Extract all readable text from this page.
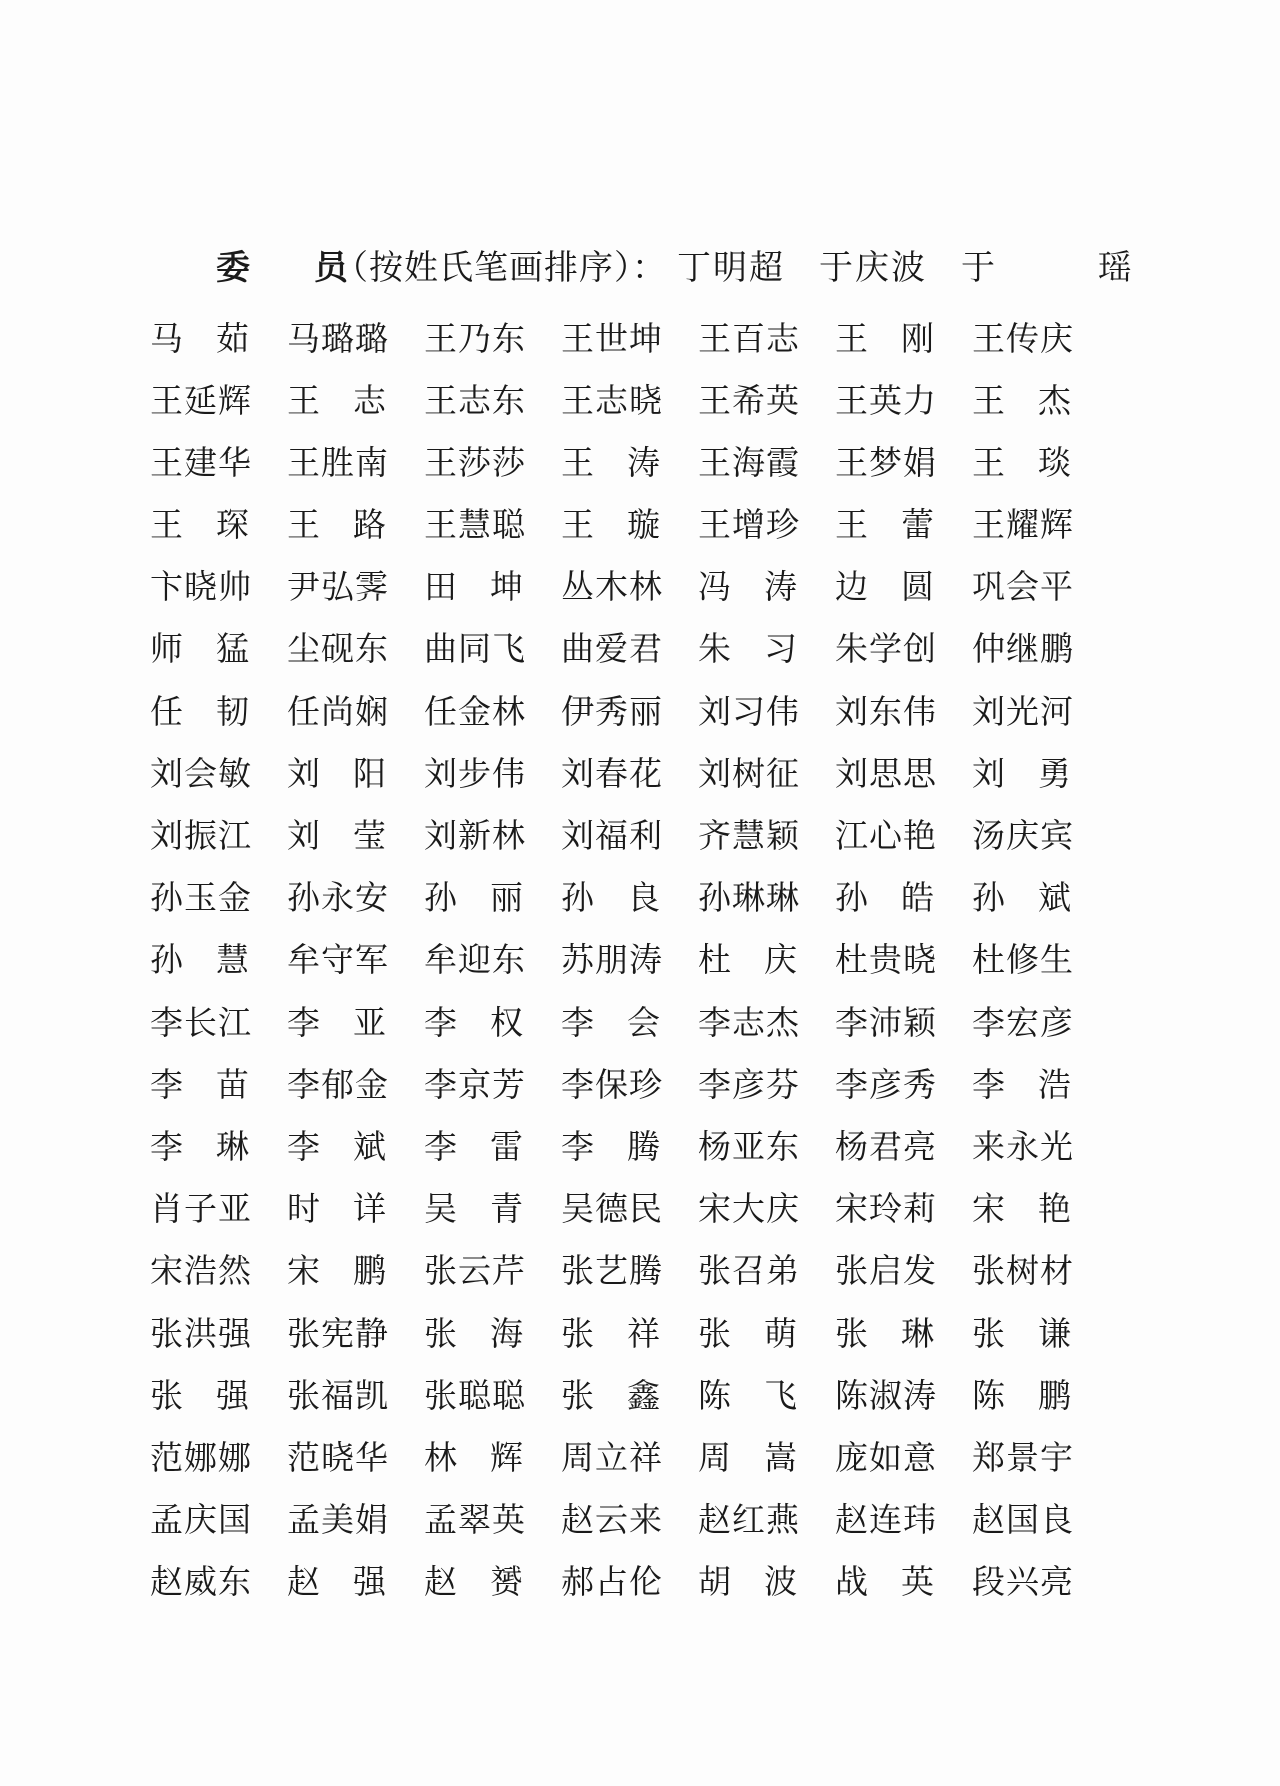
委 员（按姓氏笔画排序）： 丁明超 于庆波 于 瑶
马 茹 马 璐 璐 王 乃 东 王 世 坤 王 百 志 王 刚 王 传 庆
王 延 辉 王 志 王 志 东 王 志 晓 王 希 英 王 英 力 王 杰
王 建 华 王 胜 南 王 莎 莎 王 涛 王 海 霞 王 梦 娟 王 琰
王 琛 王 路 王 慧 聪 王 璇 王 增 珍 王 蕾 王 耀 辉
卞 晓 帅 尹 弘 霁 田 坤 丛 木 林 冯 涛 边 圆 巩 会 平
师 猛 尘 砚 东 曲 同 飞 曲 爱 君 朱 习 朱 学 创 仲 继 鹏
任 韧 任 尚 娴 任 金 林 伊 秀 丽 刘 习 伟 刘 东 伟 刘 光 河
刘 会 敏 刘 阳 刘 步 伟 刘 春 花 刘 树 征 刘 思 思 刘 勇
刘 振 江 刘 莹 刘 新 林 刘 福 利 齐 慧 颖 江 心 艳 汤 庆 宾
孙 玉 金 孙 永 安 孙 丽 孙 良 孙 琳 琳 孙 皓 孙 斌
孙 慧 牟 守 军 牟 迎 东 苏 朋 涛 杜 庆 杜 贵 晓 杜 修 生
李 长 江 李 亚 李 权 李 会 李 志 杰 李 沛 颖 李 宏 彦
李 苗 李 郁 金 李 京 芳 李 保 珍 李 彦 芬 李 彦 秀 李 浩
李 琳 李 斌 李 雷 李 腾 杨 亚 东 杨 君 亮 来 永 光
肖 子 亚 时 详 吴 青 吴 德 民 宋 大 庆 宋 玲 莉 宋 艳
宋 浩 然 宋 鹏 张 云 芹 张 艺 腾 张 召 弟 张 启 发 张 树 材
张 洪 强 张 宪 静 张 海 张 祥 张 萌 张 琳 张 谦
张 强 张 福 凯 张 聪 聪 张 鑫 陈 飞 陈 淑 涛 陈 鹏
范 娜 娜 范 晓 华 林 辉 周 立 祥 周 嵩 庞 如 意 郑 景 宇
孟 庆 国 孟 美 娟 孟 翠 英 赵 云 来 赵 红 燕 赵 连 玮 赵 国 良
赵 威 东 赵 强 赵 赟 郝 占 伦 胡 波 战 英 段 兴 亮
